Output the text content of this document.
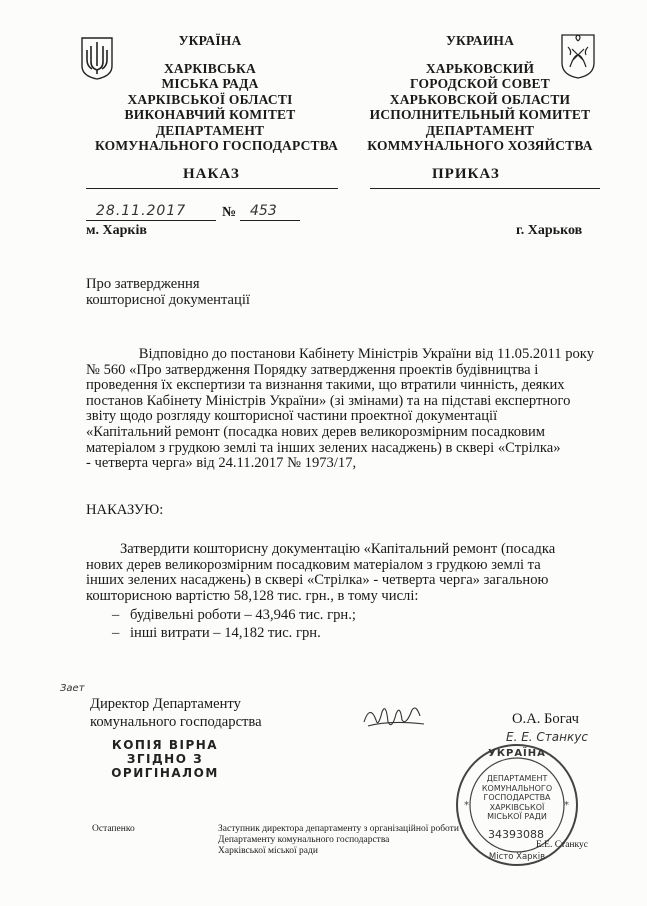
УКРАЇНА
ХАРКІВСЬКА
МІСЬКА РАДА
ХАРКІВСЬКОЇ ОБЛАСТІ
ВИКОНАВЧИЙ КОМІТЕТ
ДЕПАРТАМЕНТ
КОМУНАЛЬНОГО ГОСПОДАРСТВА
УКРАИНА
ХАРЬКОВСКИЙ
ГОРОДСКОЙ СОВЕТ
ХАРЬКОВСКОЙ ОБЛАСТИ
ИСПОЛНИТЕЛЬНЫЙ КОМИТЕТ
ДЕПАРТАМЕНТ
КОММУНАЛЬНОГО ХОЗЯЙСТВА
НАКАЗ	ПРИКАЗ
28.11.2017	№ 453
м. Харків	г. Харьков
Про затвердження
кошторисної документації
Відповідно до постанови Кабінету Міністрів України від 11.05.2011 року
№ 560 «Про затвердження Порядку затвердження проектів будівництва і
проведення їх експертизи та визнання такими, що втратили чинність, деяких
постанов Кабінету Міністрів України» (зі змінами) та на підставі експертного
звіту щодо розгляду кошторисної частини проектної документації
«Капітальний ремонт (посадка нових дерев великорозмірним посадковим
матеріалом з грудкою землі та інших зелених насаджень) в сквері «Стрілка»
- четверта черга» від 24.11.2017 № 1973/17,
НАКАЗУЮ:
Затвердити кошторисну документацію «Капітальний ремонт (посадка
нових дерев великорозмірним посадковим матеріалом з грудкою землі та
інших зелених насаджень) в сквері «Стрілка» - четверта черга» загальною
кошторисною вартістю 58,128 тис. грн., в тому числі:
– будівельні роботи – 43,946 тис. грн.;
– інші витрати – 14,182 тис. грн.
Зает
Директор Департаменту
комунального господарства	О.А. Богач
Е. Е. Станкус
КОПІЯ ВІРНА
ЗГІДНО З
ОРИГІНАЛОМ
*	*
УКРАЇНА
ДЕПАРТАМЕНТ
КОМУНАЛЬНОГО
ГОСПОДАРСТВА
ХАРКІВСЬКОЇ
МІСЬКОЇ РАДИ
34393088
Місто Харків
Остапенко	Заступник директора департаменту з організаційної роботи
Департаменту комунального господарства
Харківської міської ради
Е.Е. Станкус
